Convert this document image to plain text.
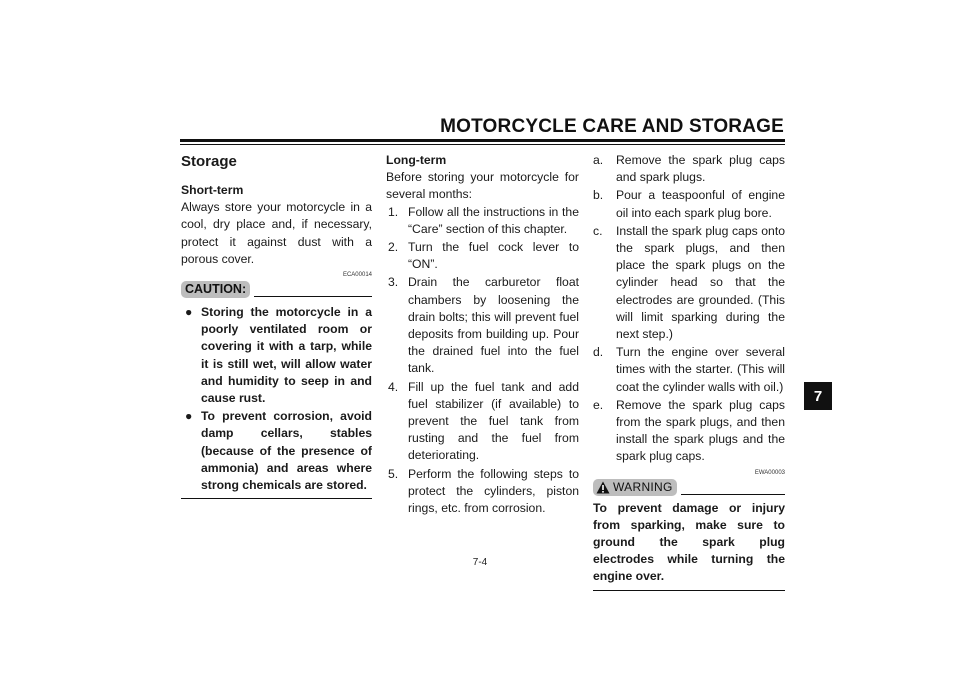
MOTORCYCLE CARE AND STORAGE
7
Storage

Short-term

Always store your motorcycle in a cool, dry place and, if necessary, protect it against dust with a porous cover.

ECA00014
CAUTION:
● Storing the motorcycle in a poorly ventilated room or covering it with a tarp, while it is still wet, will allow water and humidity to seep in and cause rust.
● To prevent corrosion, avoid damp cellars, stables (because of the presence of ammonia) and areas where strong chemicals are stored.

Long-term

Before storing your motorcycle for several months:

1. Follow all the instructions in the “Care” section of this chapter.
2. Turn the fuel cock lever to “ON”.
3. Drain the carburetor float chambers by loosening the drain bolts; this will prevent fuel deposits from building up. Pour the drained fuel into the fuel tank.
4. Fill up the fuel tank and add fuel stabilizer (if available) to prevent the fuel tank from rusting and the fuel from deteriorating.
5. Perform the following steps to protect the cylinders, piston rings, etc. from corrosion.
a.	Remove the spark plug caps and spark plugs.
b.	Pour a teaspoonful of engine oil into each spark plug bore.
c.	Install the spark plug caps onto the spark plugs, and then place the spark plugs on the cylinder head so that the electrodes are grounded. (This will limit sparking during the next step.)
d.	Turn the engine over several times with the starter. (This will coat the cylinder walls with oil.)
e.	Remove the spark plug caps from the spark plugs, and then install the spark plugs and the spark plug caps.
EWA00003
WARNING

To prevent damage or injury from sparking, make sure to ground the spark plug electrodes while turning the engine over.

7-4
